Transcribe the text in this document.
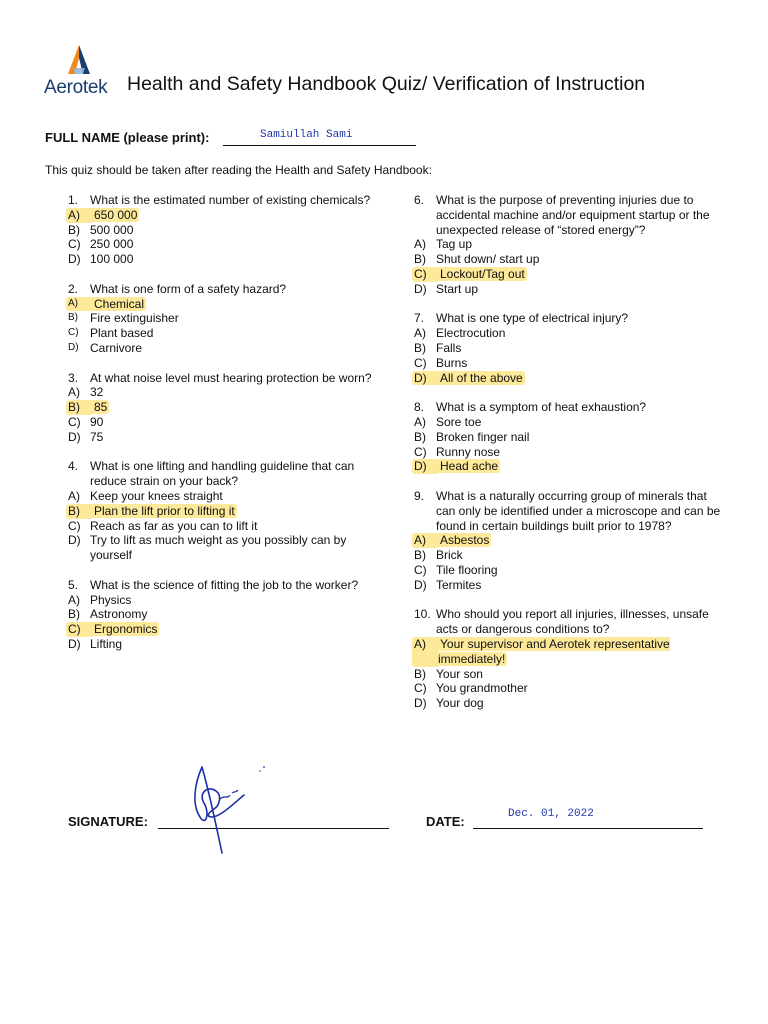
Aerotek Health and Safety Handbook Quiz/ Verification of Instruction
FULL NAME (please print):	Samiullah Sami
This quiz should be taken after reading the Health and Safety Handbook:
1. What is the estimated number of existing chemicals?
A)	650 000
B) 500 000
C) 250 000
D) 100 000
2. What is one form of a safety hazard?
A)	Chemical
B)	Fire extinguisher
C) Plant based
D) Carnivore
3. At what noise level must hearing protection be worn?
A) 32
B)	85
C) 90
D) 75
4. What is one lifting and handling guideline that can reduce strain on your back?
A) Keep your knees straight
B)	Plan the lift prior to lifting it
C) Reach as far as you can to lift it
D) Try to lift as much weight as you possibly can by yourself
5. What is the science of fitting the job to the worker?
A) Physics
B) Astronomy
C)	Ergonomics
D) Lifting
6. What is the purpose of preventing injuries due to accidental machine and/or equipment startup or the unexpected release of “stored energy”?
A) Tag up
B) Shut down/ start up
C)	Lockout/Tag out
D) Start up
7. What is one type of electrical injury?
A) Electrocution
B) Falls
C) Burns
D)	All of the above
8. What is a symptom of heat exhaustion?
A) Sore toe
B) Broken finger nail
C) Runny nose
D)	Head ache
9. What is a naturally occurring group of minerals that can only be identified under a microscope and can be found in certain buildings built prior to 1978?
A)	Asbestos
B) Brick
C) Tile flooring
D) Termites
10. Who should you report all injuries, illnesses, unsafe acts or dangerous conditions to?
A)	Your supervisor and Aerotek representative immediately!
B) Your son
C) You grandmother
D) Your dog
SIGNATURE:	DATE:	Dec. 01, 2022
